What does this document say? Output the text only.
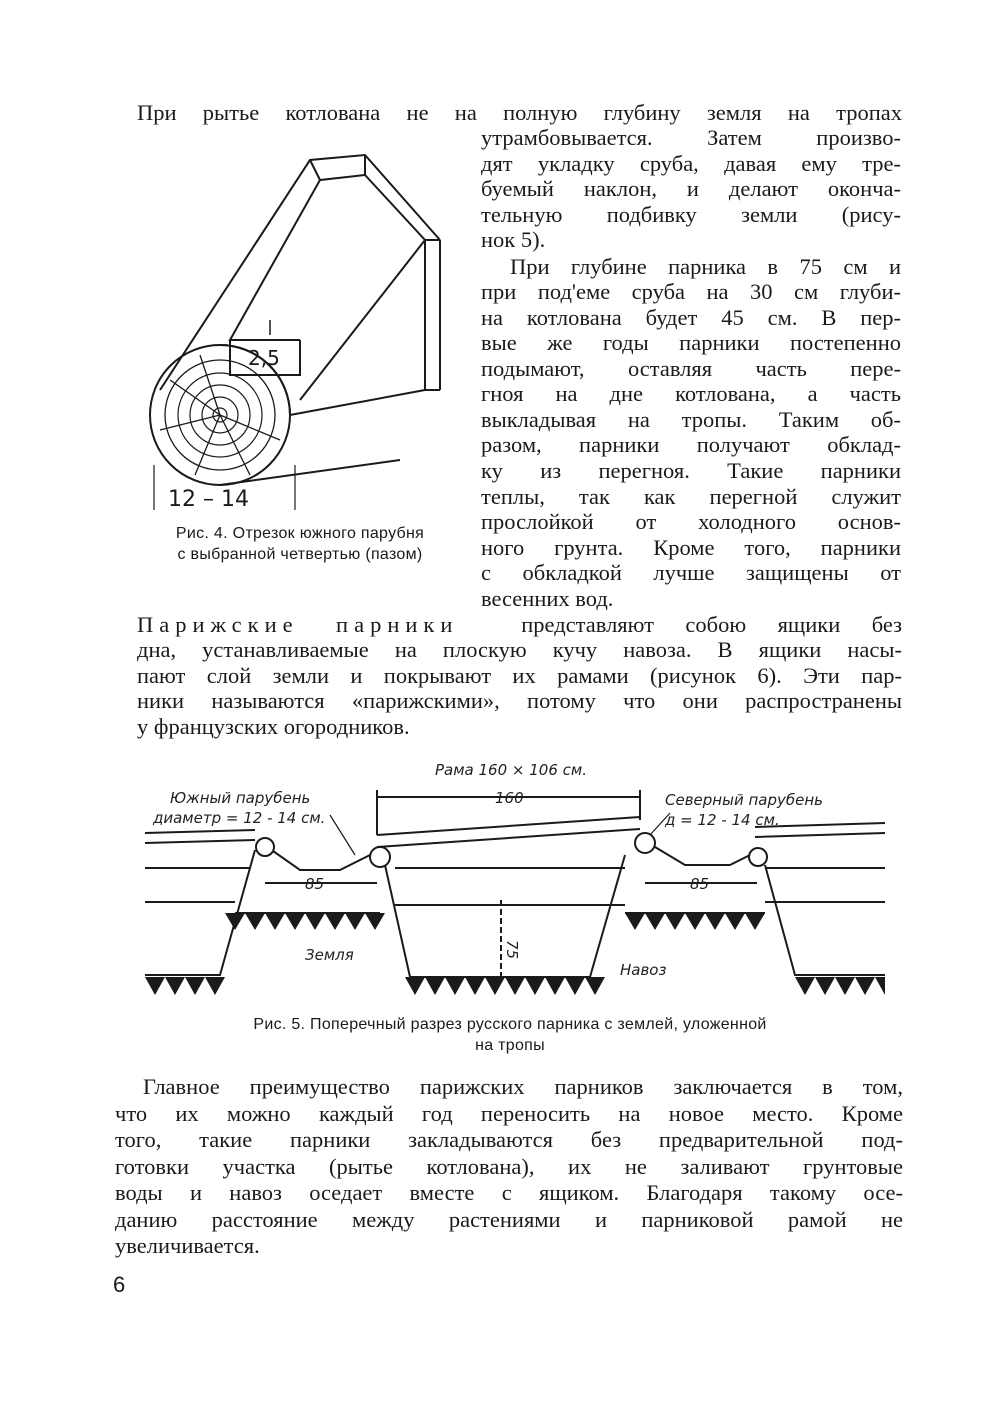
При рытье котлована не на полную глубину земля на тропах
утрамбовывается. Затем произво-
дят укладку сруба, давая ему тре-
буемый наклон, и делают оконча-
тельную подбивку земли (рису-
нок 5).
При глубине парника в 75 см и
при под'еме сруба на 30 см глуби-
на котлована будет 45 см. В пер-
вые же годы парники постепенно
подымают, оставляя часть пере-
гноя на дне котлована, а часть
выкладывая на тропы. Таким об-
разом, парники получают обклад-
ку из перегноя. Такие парники
теплы, так как перегной служит
прослойкой от холодного основ-
ного грунта. Кроме того, парники
с обкладкой лучше защищены от
весенних вод.
2,5
12 – 14
Рис. 4. Отрезок южного парубня
с выбранной четвертью (пазом)
Парижские парники	представляют собою ящики без
дна, устанавливаемые на плоскую кучу навоза. В ящики насы-
пают слой земли и покрывают их рамами (рисунок 6). Эти пар-
ники называются «парижскими», потому что они распространены
у французских огородников.
Рама 160 × 106 см.
Южный парубень
диаметр = 12 - 14 см.
Северный парубень
д = 12 - 14 см.
160
85	85
75
Земля
Навоз
Рис. 5. Поперечный разрез русского парника с землей, уложенной
на тропы
Главное преимущество парижских парников заключается в том,
что их можно каждый год переносить на новое место. Кроме
того, такие парники закладываются без предварительной под-
готовки участка (рытье котлована), их не заливают грунтовые
воды и навоз оседает вместе с ящиком. Благодаря такому осе-
данию расстояние между растениями и парниковой рамой не
увеличивается.
6
